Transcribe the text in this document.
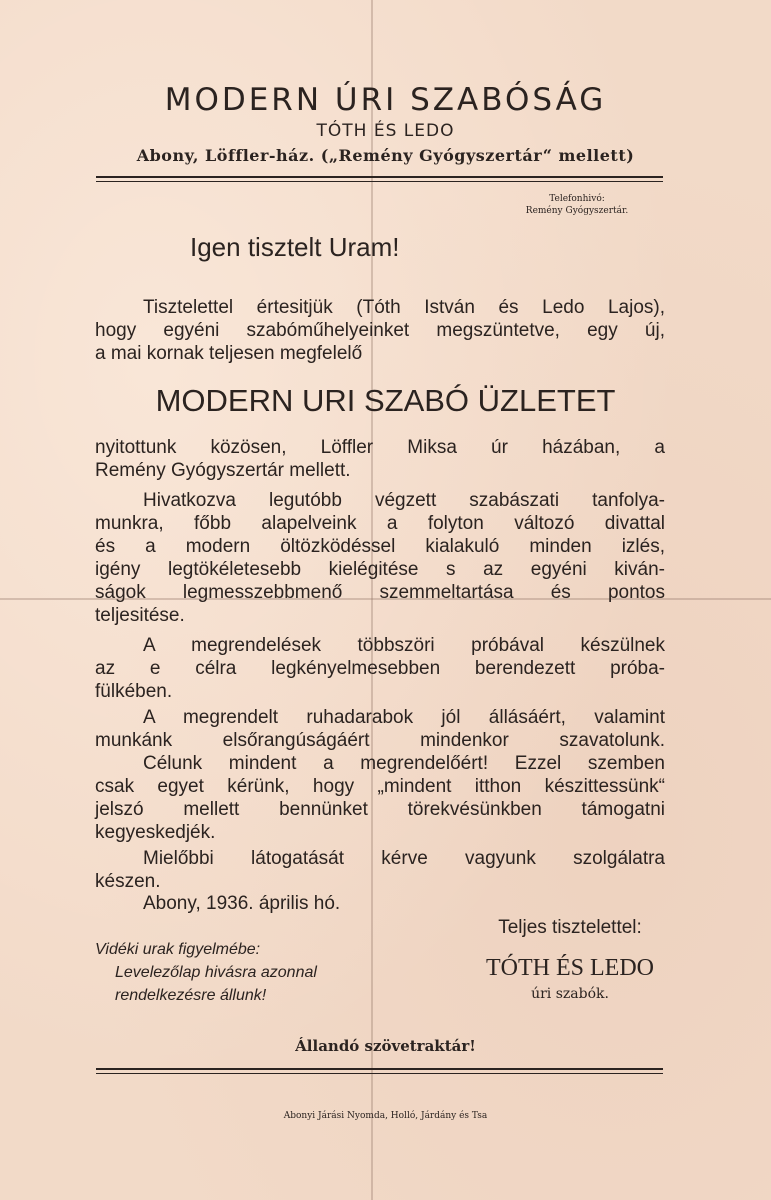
MODERN ÚRI SZABÓSÁG
TÓTH ÉS LEDO
Abony, Löffler-ház. („Remény Gyógyszertár“ mellett)
Telefonhivó:
Remény Gyógyszertár.
Igen tisztelt Uram!
Tisztelettel értesitjük (Tóth István és Ledo Lajos),
hogy egyéni szabóműhelyeinket megszüntetve, egy új,
a mai kornak teljesen megfelelő
MODERN URI SZABÓ ÜZLETET
nyitottunk közösen, Löffler Miksa úr házában, a
Remény Gyógyszertár mellett.
Hivatkozva legutóbb végzett szabászati tanfolya-
munkra, főbb alapelveink a folyton változó divattal
és a modern öltözködéssel kialakuló minden izlés,
igény legtökéletesebb kielégitése s az egyéni kiván-
ságok legmesszebbmenő szemmeltartása és pontos
teljesitése.
A megrendelések többszöri próbával készülnek
az e célra legkényelmesebben berendezett próba-
fülkében.
A megrendelt ruhadarabok jól állásáért, valamint
munkánk elsőrangúságáért mindenkor szavatolunk.
Célunk mindent a megrendelőért! Ezzel szemben
csak egyet kérünk, hogy „mindent itthon készittessünk“
jelszó mellett bennünket törekvésünkben támogatni
kegyeskedjék.
Mielőbbi látogatását kérve vagyunk szolgálatra
készen.
Abony, 1936. április hó.
Vidéki urak figyelmébe:
Levelezőlap hivásra azonnal
rendelkezésre állunk!
Teljes tisztelettel:
TÓTH ÉS LEDO
úri szabók.
Állandó szövetraktár!
Abonyi Járási Nyomda, Holló, Járdány és Tsa
